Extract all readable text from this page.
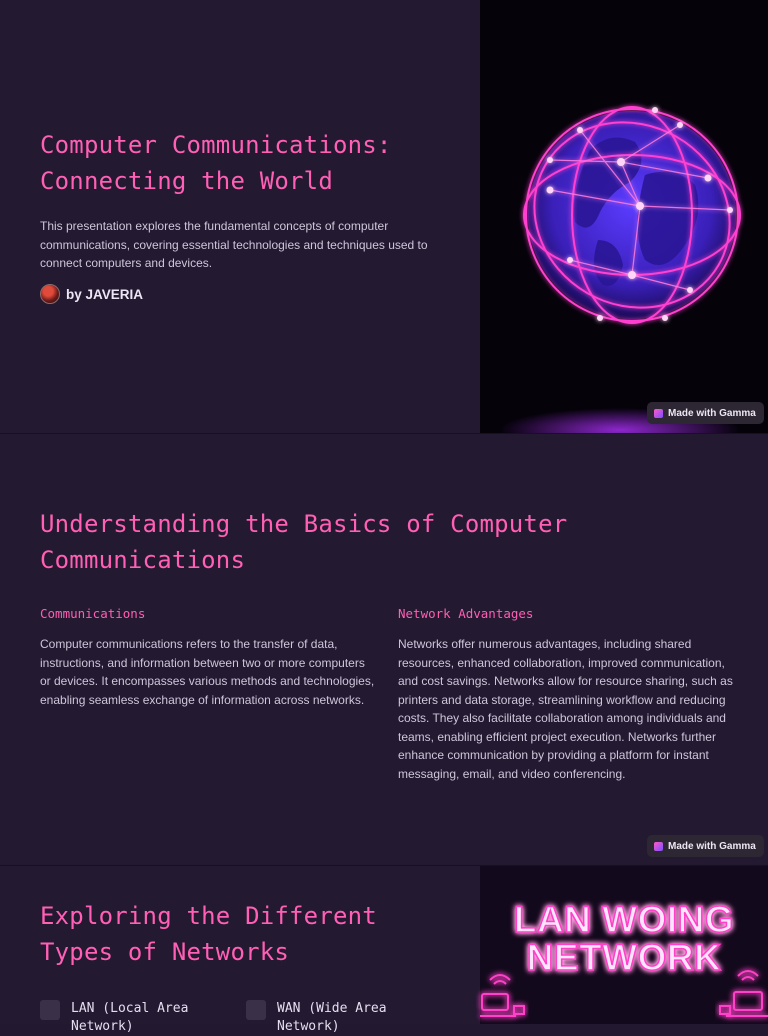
Computer Communications:
Connecting the World

This presentation explores the fundamental concepts of computer communications, covering essential technologies and techniques used to connect computers and devices.

by JAVERIA
Made with Gamma
Understanding the Basics of Computer
Communications
Communications

Computer communications refers to the transfer of data, instructions, and information between two or more computers or devices. It encompasses various methods and technologies, enabling seamless exchange of information across networks.

Network Advantages

Networks offer numerous advantages, including shared resources, enhanced collaboration, improved communication, and cost savings. Networks allow for resource sharing, such as printers and data storage, streamlining workflow and reducing costs. They also facilitate collaboration among individuals and teams, enabling efficient project execution. Networks further enhance communication by providing a platform for instant messaging, email, and video conferencing.

Made with Gamma
Exploring the Different
Types of Networks
LAN (Local Area Network)
WAN (Wide Area Network)
LAN WOING
NETWORK
